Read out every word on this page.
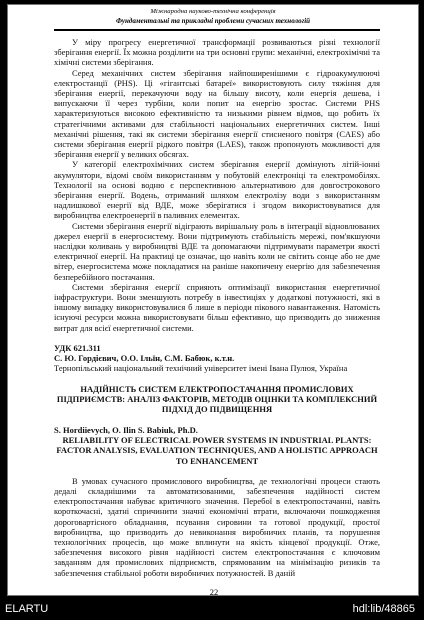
Міжнародна науково-технічна конференція
Фундаментальні та прикладні проблеми сучасних технологій

У міру прогресу енергетичної трансформації розвиваються різні технології зберігання енергії. Їх можна розділити на три основні групи: механічні, електрохімічні та хімічні системи зберігання.

Серед механічних систем зберігання найпоширенішими є гідроакумулюючі електростанції (PHS). Ці «гігантські батареї» використовують силу тяжіння для зберігання енергії, перекачуючи воду на більшу висоту, коли енергія дешева, і випускаючи її через турбіни, коли попит на енергію зростає. Системи PHS характеризуються високою ефективністю та низькими рівнем відмов, що робить їх стратегічними активами для стабільності національних енергетичних систем. Інші механічні рішення, такі як системи зберігання енергії стисненого повітря (CAES) або системи зберігання енергії рідкого повітря (LAES), також пропонують можливості для зберігання енергії у великих обсягах.

У категорії електрохімічних систем зберігання енергії домінують літій-іонні акумулятори, відомі своїм використанням у побутовій електроніці та електромобілях. Технології на основі водню є перспективною альтернативою для довгострокового зберігання енергії. Водень, отриманий шляхом електролізу води з використанням надлишкової енергії від ВДЕ, може зберігатися і згодом використовуватися для виробництва електроенергії в паливних елементах.

Системи зберігання енергії відіграють вирішальну роль в інтеграції відновлюваних джерел енергії в енергосистему. Вони підтримують стабільність мережі, пом'якшуючи наслідки коливань у виробництві ВДЕ та допомагаючи підтримувати параметри якості електричної енергії. На практиці це означає, що навіть коли не світить сонце або не дме вітер, енергосистема може покладатися на раніше накопичену енергію для забезпечення безперебійного постачання.

Системи зберігання енергії сприяють оптимізації використання енергетичної інфраструктури. Вони зменшують потребу в інвестиціях у додаткові потужності, які в іншому випадку використовувалися б лише в періоди пікового навантаження. Натомість існуючі ресурси можна використовувати більш ефективно, що призводить до зниження витрат для всієї енергетичної системи.

УДК 621.311
С. Ю. Гордієвич, О.О. Ільїн, С.М. Бабюк, к.т.н.
Тернопільський національний технічний університет імені Івана Пулюя, Україна
НАДІЙНІСТЬ СИСТЕМ ЕЛЕКТРОПОСТАЧАННЯ ПРОМИСЛОВИХ ПІДПРИЄМСТВ: АНАЛІЗ ФАКТОРІВ, МЕТОДІВ ОЦІНКИ ТА КОМПЛЕКСНИЙ ПІДХІД ДО ПІДВИЩЕННЯ
S. Hordiievych, O. Ilin S. Babiuk, Ph.D.
RELIABILITY OF ELECTRICAL POWER SYSTEMS IN INDUSTRIAL PLANTS: FACTOR ANALYSIS, EVALUATION TECHNIQUES, AND A HOLISTIC APPROACH TO ENHANCEMENT

В умовах сучасного промислового виробництва, де технологічні процеси стають дедалі складнішими та автоматизованими, забезпечення надійності систем електропостачання набуває критичного значення. Перебої в електропостачанні, навіть короткочасні, здатні спричинити значні економічні втрати, включаючи пошкодження дороговартісного обладнання, псування сировини та готової продукції, простої виробництва, що призводить до невиконання виробничих планів, та порушення технологічних процесів, що може вплинути на якість кінцевої продукції. Отже, забезпечення високого рівня надійності систем електропостачання є ключовим завданням для промислових підприємств, спрямованим на мінімізацію ризиків та забезпечення стабільної роботи виробничих потужностей. В даній

22
ELARTU	hdl:lib/48865
